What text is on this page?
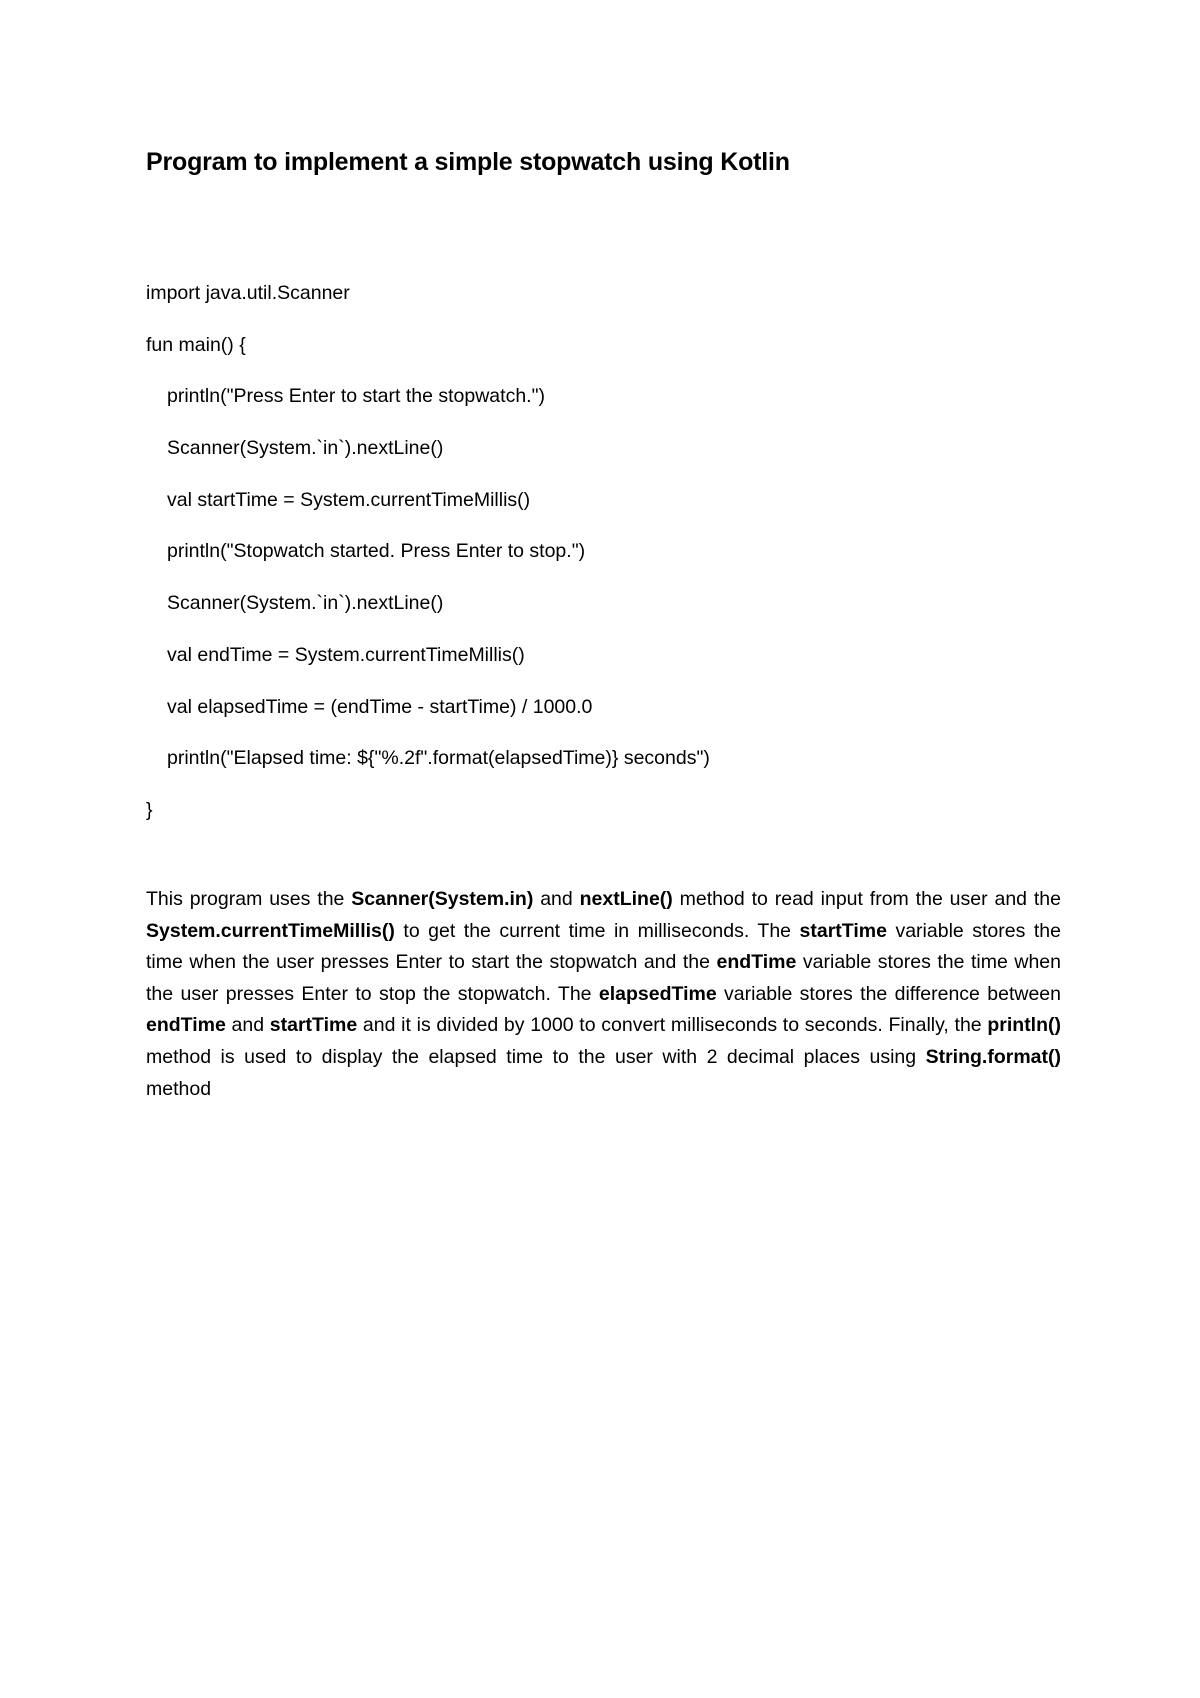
Program to implement a simple stopwatch using Kotlin
import java.util.Scanner
fun main() {
println("Press Enter to start the stopwatch.")
Scanner(System.`in`).nextLine()
val startTime = System.currentTimeMillis()
println("Stopwatch started. Press Enter to stop.")
Scanner(System.`in`).nextLine()
val endTime = System.currentTimeMillis()
val elapsedTime = (endTime - startTime) / 1000.0
println("Elapsed time: ${"%.2f".format(elapsedTime)} seconds")
}

This program uses the Scanner(System.in) and nextLine() method to read input from the user and the System.currentTimeMillis() to get the current time in milliseconds. The startTime variable stores the time when the user presses Enter to start the stopwatch and the endTime variable stores the time when the user presses Enter to stop the stopwatch. The elapsedTime variable stores the difference between endTime and startTime and it is divided by 1000 to convert milliseconds to seconds. Finally, the println() method is used to display the elapsed time to the user with 2 decimal places using String.format() method
